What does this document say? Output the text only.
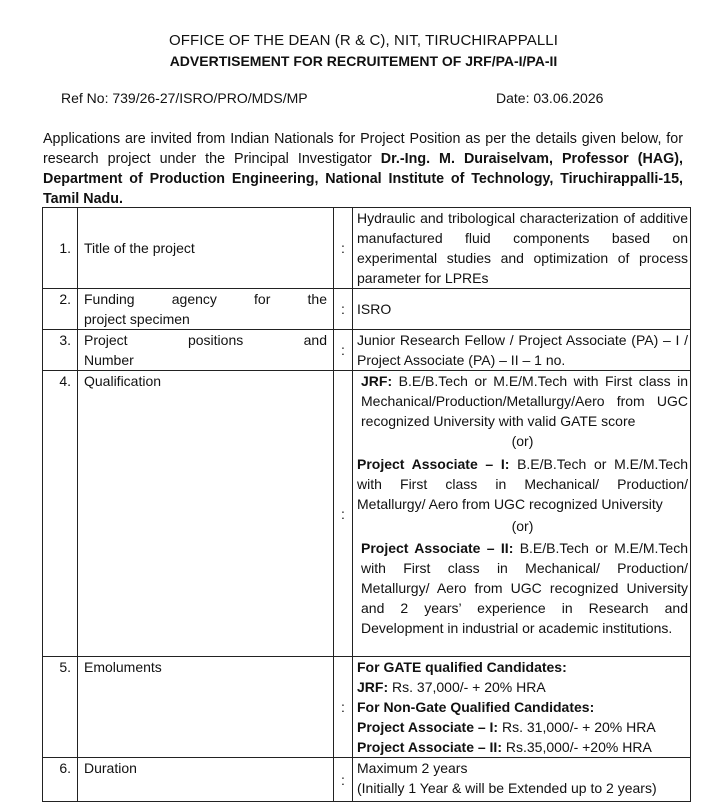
OFFICE OF THE DEAN (R & C), NIT, TIRUCHIRAPPALLI
ADVERTISEMENT FOR RECRUITEMENT OF JRF/PA-I/PA-II
Ref No: 739/26-27/ISRO/PRO/MDS/MP	Date: 03.06.2026
Applications are invited from Indian Nationals for Project Position as per the details given below, for research project under the Principal Investigator Dr.-Ing. M. Duraiselvam, Professor (HAG), Department of Production Engineering, National Institute of Technology, Tiruchirappalli-15, Tamil Nadu.
1.	Title of the project	:	Hydraulic and tribological characterization of additive manufactured fluid components based on experimental studies and optimization of process parameter for LPREs
2.	Funding agency for the
project specimen	:	ISRO
3.	Project positions and
Number	:	Junior Research Fellow / Project Associate (PA) – I / Project Associate (PA) – II – 1 no.
4.	Qualification	:	JRF: B.E/B.Tech or M.E/M.Tech with First class in Mechanical/Production/Metallurgy/Aero from UGC recognized University with valid GATE score
(or)
Project Associate – I: B.E/B.Tech or M.E/M.Tech with First class in Mechanical/ Production/ Metallurgy/ Aero from UGC recognized University
(or)
Project Associate – II: B.E/B.Tech or M.E/M.Tech with First class in Mechanical/ Production/ Metallurgy/ Aero from UGC recognized University and 2 years’ experience in Research and Development in industrial or academic institutions.

5.	Emoluments	:	For GATE qualified Candidates:
JRF: Rs. 37,000/- + 20% HRA
For Non-Gate Qualified Candidates:
Project Associate – I: Rs. 31,000/- + 20% HRA
Project Associate – II: Rs.35,000/- +20% HRA

6.	Duration	:	Maximum 2 years
(Initially 1 Year & will be Extended up to 2 years)
